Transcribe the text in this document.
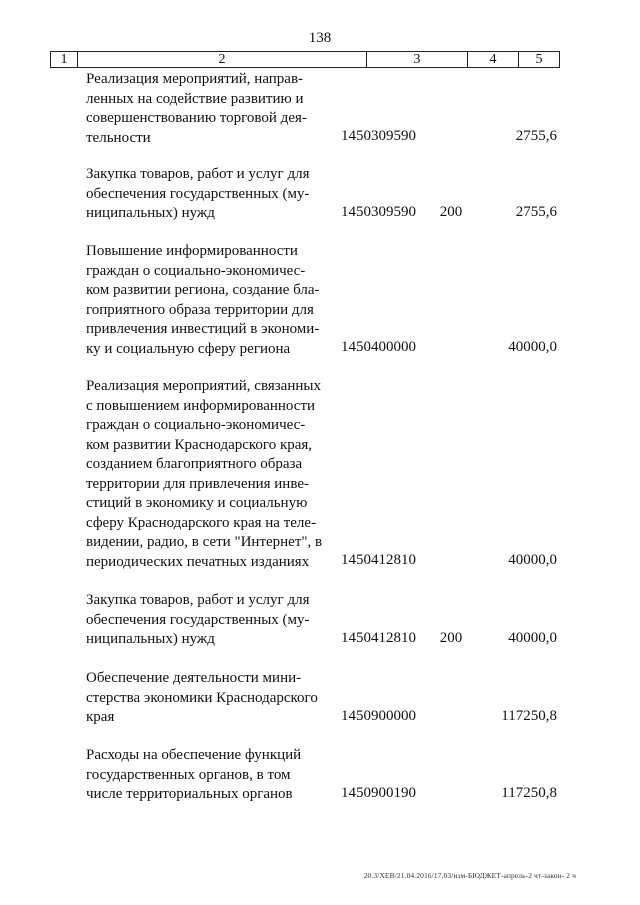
138
1	2	3	4	5
Реализация мероприятий, направ-
ленных на содействие развитию и
совершенствованию торговой дея-
тельности	1450309590	2755,6
Закупка товаров, работ и услуг для
обеспечения государственных (му-
ниципальных) нужд	1450309590 200	2755,6
Повышение информированности
граждан о социально-экономичес-
ком развитии региона, создание бла-
гоприятного образа территории для
привлечения инвестиций в экономи-
ку и социальную сферу региона	1450400000	40000,0
Реализация мероприятий, связанных
с повышением информированности
граждан о социально-экономичес-
ком развитии Краснодарского края,
созданием благоприятного образа
территории для привлечения инве-
стиций в экономику и социальную
сферу Краснодарского края на теле-
видении, радио, в сети "Интернет", в
периодических печатных изданиях	1450412810	40000,0
Закупка товаров, работ и услуг для
обеспечения государственных (му-
ниципальных) нужд	1450412810 200	40000,0
Обеспечение деятельности мини-
стерства экономики Краснодарского
края	1450900000	117250,8
Расходы на обеспечение функций
государственных органов, в том
числе территориальных органов	1450900190	117250,8
20.3/ХЕВ/21.04.2016/17.03/изм-БЮДЖЕТ-апрель-2 чт-закон- 2 ч
